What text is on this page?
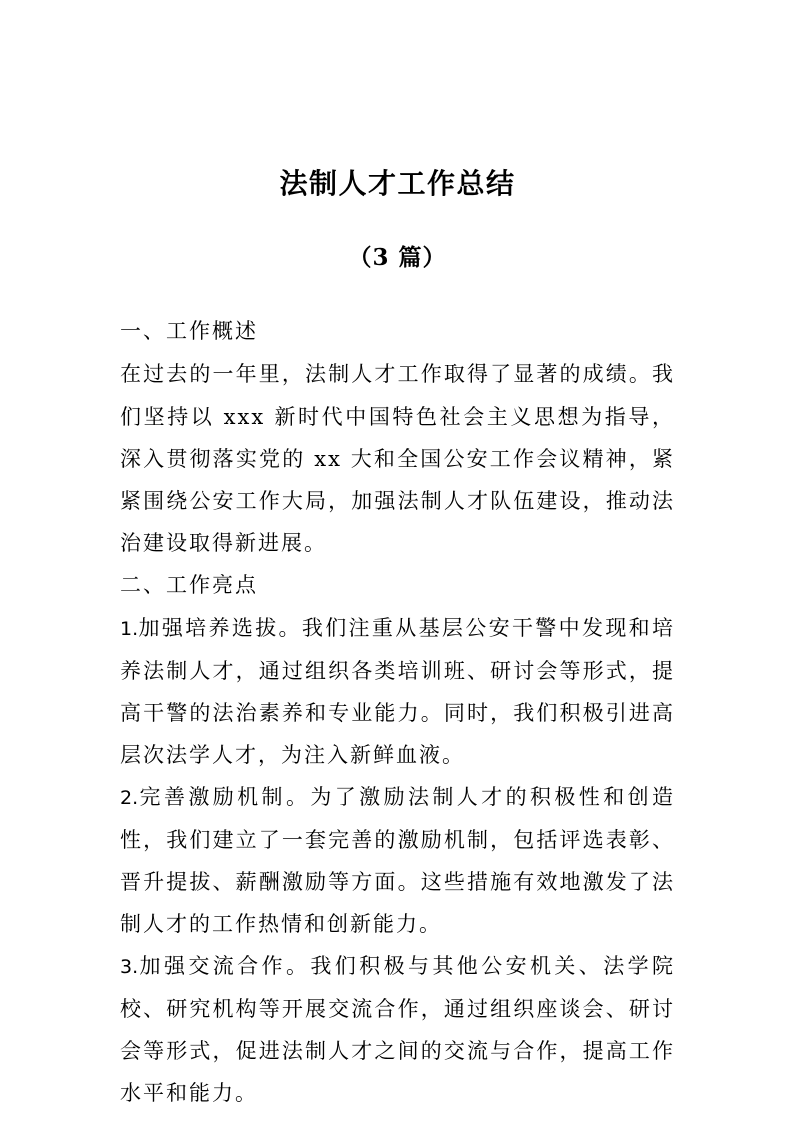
法制人才工作总结
（3 篇）

一、工作概述

在过去的一年里，法制人才工作取得了显著的成绩。我们坚持以 xxx 新时代中国特色社会主义思想为指导，深入贯彻落实党的 xx 大和全国公安工作会议精神，紧紧围绕公安工作大局，加强法制人才队伍建设，推动法治建设取得新进展。

二、工作亮点

1.加强培养选拔。我们注重从基层公安干警中发现和培养法制人才，通过组织各类培训班、研讨会等形式，提高干警的法治素养和专业能力。同时，我们积极引进高层次法学人才，为注入新鲜血液。

2.完善激励机制。为了激励法制人才的积极性和创造性，我们建立了一套完善的激励机制，包括评选表彰、晋升提拔、薪酬激励等方面。这些措施有效地激发了法制人才的工作热情和创新能力。

3.加强交流合作。我们积极与其他公安机关、法学院校、研究机构等开展交流合作，通过组织座谈会、研讨会等形式，促进法制人才之间的交流与合作，提高工作水平和能力。
